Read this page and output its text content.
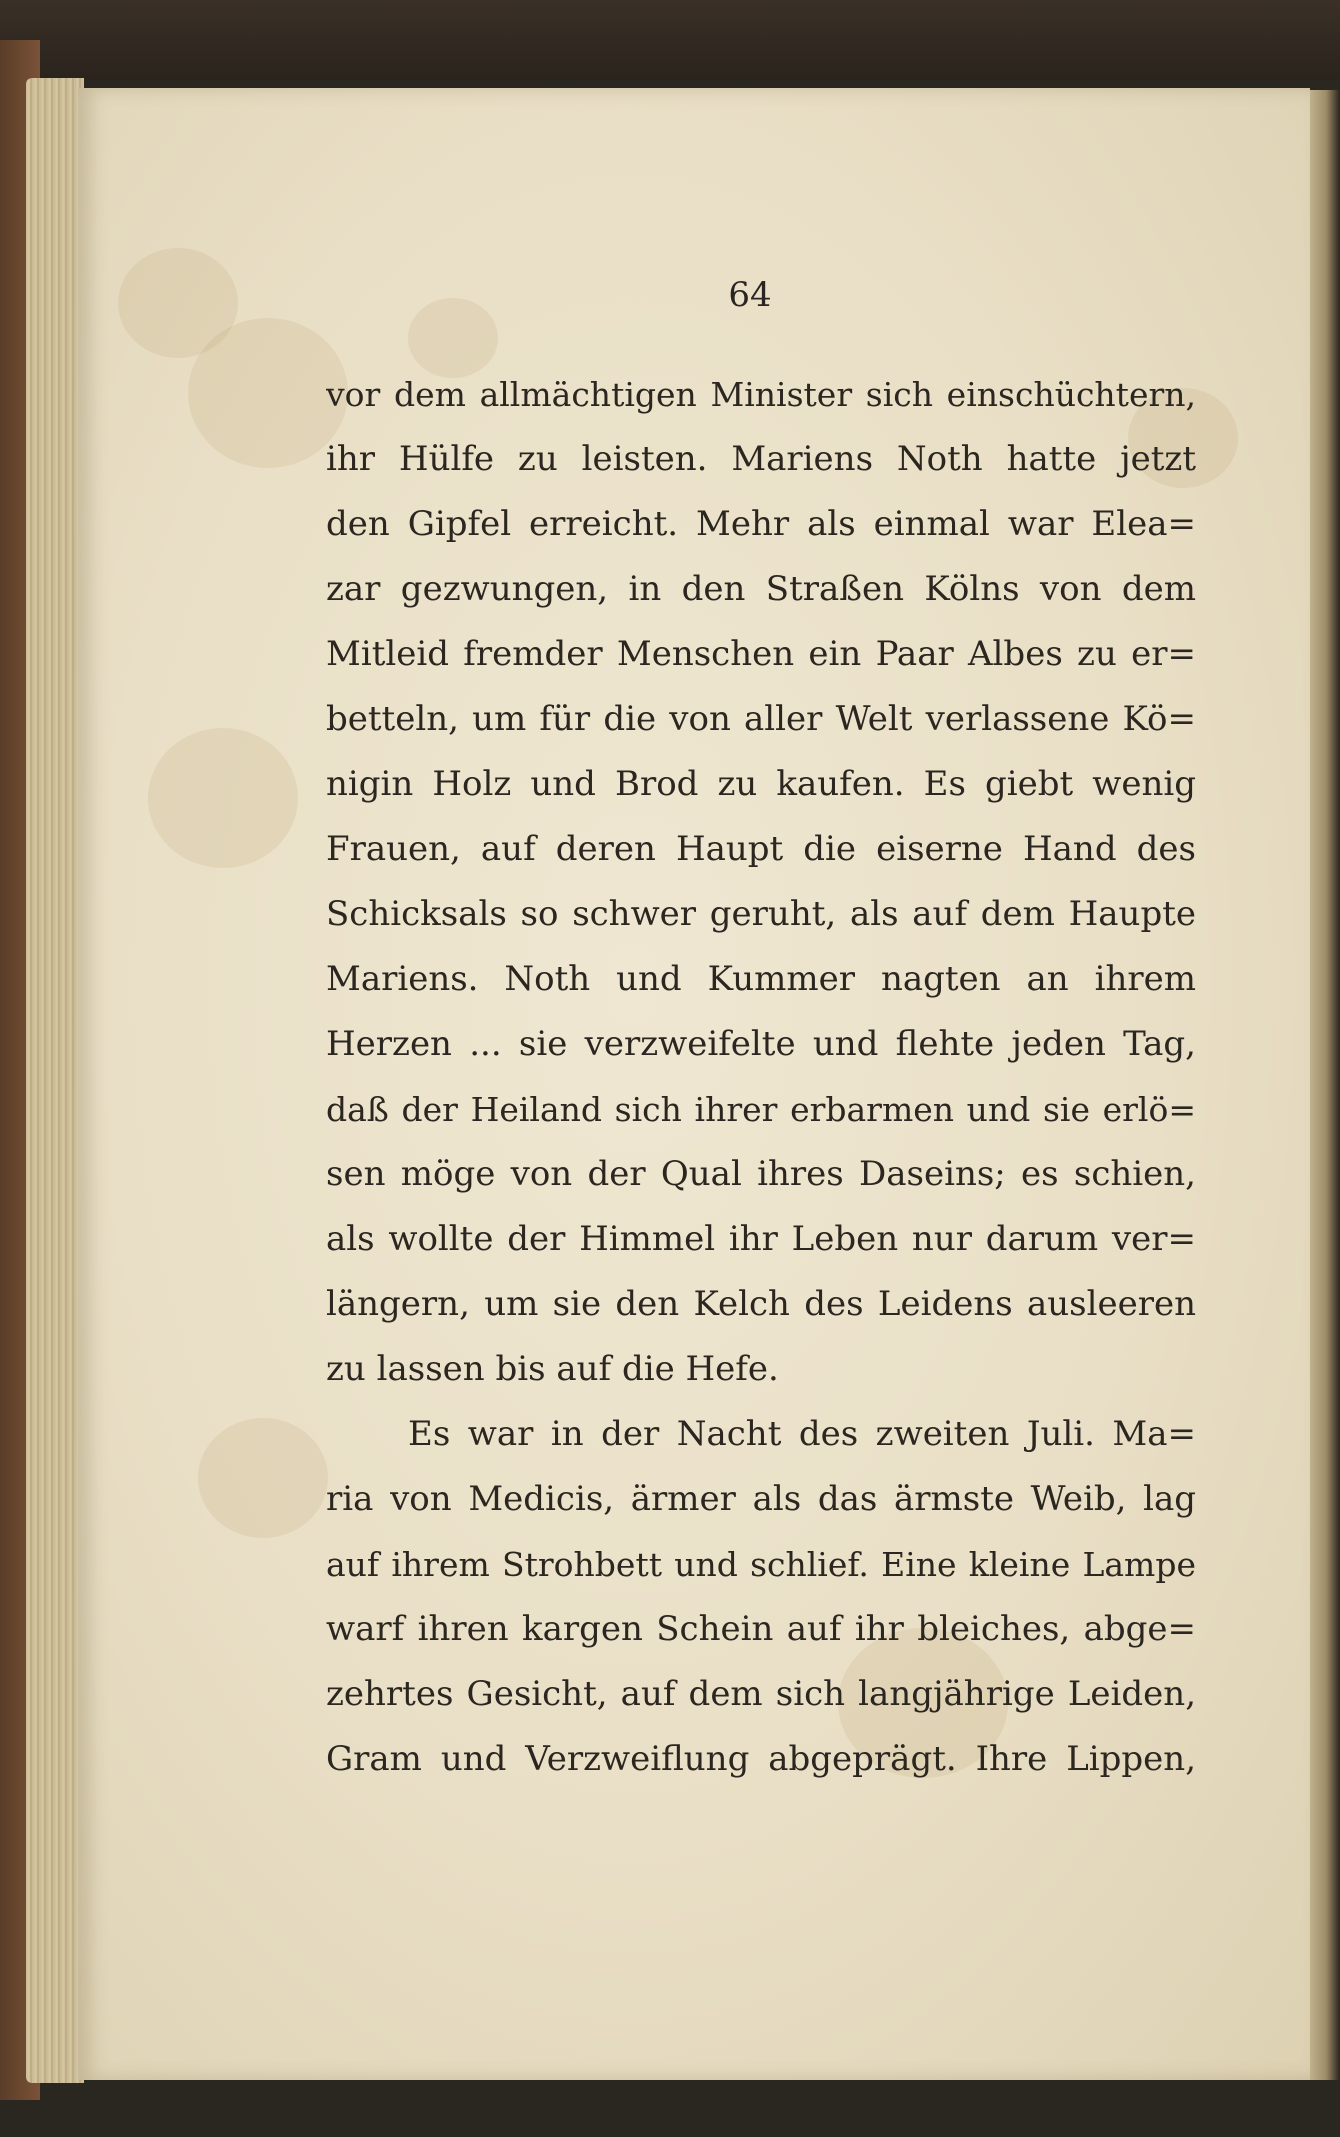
64
vor dem allmächtigen Minister sich einschüchtern,
ihr Hülfe zu leisten. Mariens Noth hatte jetzt
den Gipfel erreicht. Mehr als einmal war Elea=
zar gezwungen, in den Straßen Kölns von dem
Mitleid fremder Menschen ein Paar Albes zu er=
betteln, um für die von aller Welt verlassene Kö=
nigin Holz und Brod zu kaufen. Es giebt wenig
Frauen, auf deren Haupt die eiserne Hand des
Schicksals so schwer geruht, als auf dem Haupte
Mariens. Noth und Kummer nagten an ihrem
Herzen ... sie verzweifelte und flehte jeden Tag,
daß der Heiland sich ihrer erbarmen und sie erlö=
sen möge von der Qual ihres Daseins; es schien,
als wollte der Himmel ihr Leben nur darum ver=
längern, um sie den Kelch des Leidens ausleeren
zu lassen bis auf die Hefe.
Es war in der Nacht des zweiten Juli. Ma=
ria von Medicis, ärmer als das ärmste Weib, lag
auf ihrem Strohbett und schlief. Eine kleine Lampe
warf ihren kargen Schein auf ihr bleiches, abge=
zehrtes Gesicht, auf dem sich langjährige Leiden,
Gram und Verzweiflung abgeprägt. Ihre Lippen,
